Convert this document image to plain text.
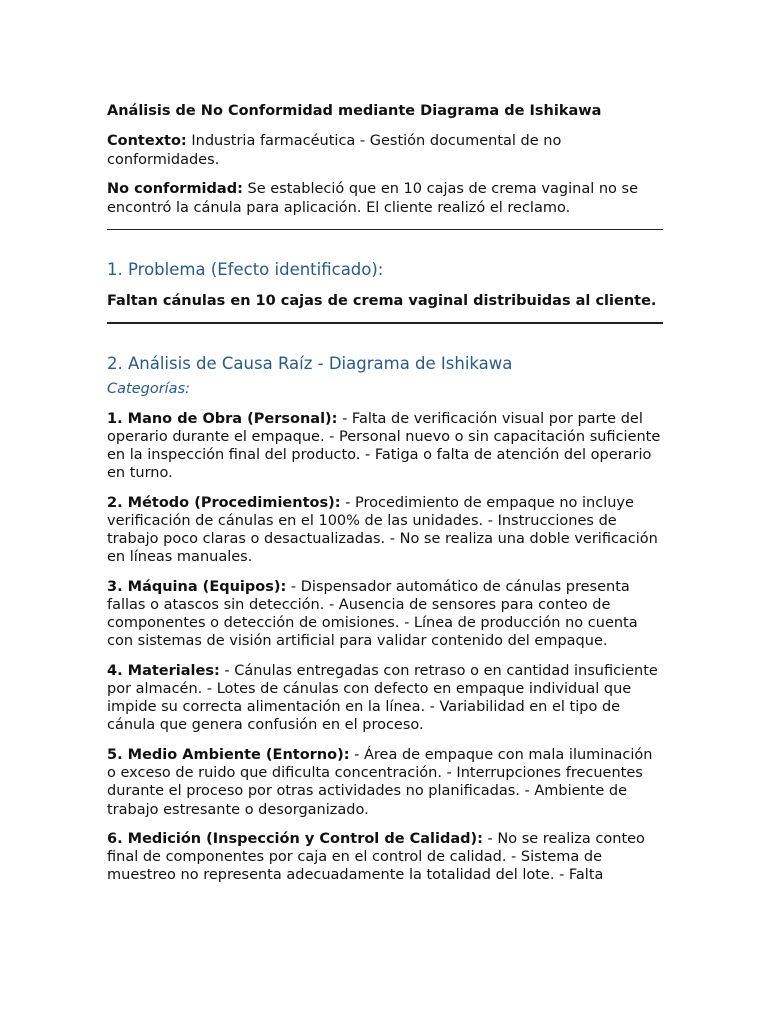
Análisis de No Conformidad mediante Diagrama de Ishikawa
Contexto: Industria farmacéutica - Gestión documental de no conformidades.
No conformidad: Se estableció que en 10 cajas de crema vaginal no se encontró la cánula para aplicación. El cliente realizó el reclamo.
1. Problema (Efecto identificado):
Faltan cánulas en 10 cajas de crema vaginal distribuidas al cliente.
2. Análisis de Causa Raíz - Diagrama de Ishikawa
Categorías:
1. Mano de Obra (Personal): - Falta de verificación visual por parte del operario durante el empaque. - Personal nuevo o sin capacitación suficiente en la inspección final del producto. - Fatiga o falta de atención del operario en turno.
2. Método (Procedimientos): - Procedimiento de empaque no incluye verificación de cánulas en el 100% de las unidades. - Instrucciones de trabajo poco claras o desactualizadas. - No se realiza una doble verificación en líneas manuales.
3. Máquina (Equipos): - Dispensador automático de cánulas presenta fallas o atascos sin detección. - Ausencia de sensores para conteo de componentes o detección de omisiones. - Línea de producción no cuenta con sistemas de visión artificial para validar contenido del empaque.
4. Materiales: - Cánulas entregadas con retraso o en cantidad insuficiente por almacén. - Lotes de cánulas con defecto en empaque individual que impide su correcta alimentación en la línea. - Variabilidad en el tipo de cánula que genera confusión en el proceso.
5. Medio Ambiente (Entorno): - Área de empaque con mala iluminación o exceso de ruido que dificulta concentración. - Interrupciones frecuentes durante el proceso por otras actividades no planificadas. - Ambiente de trabajo estresante o desorganizado.
6. Medición (Inspección y Control de Calidad): - No se realiza conteo final de componentes por caja en el control de calidad. - Sistema de muestreo no representa adecuadamente la totalidad del lote. - Falta
